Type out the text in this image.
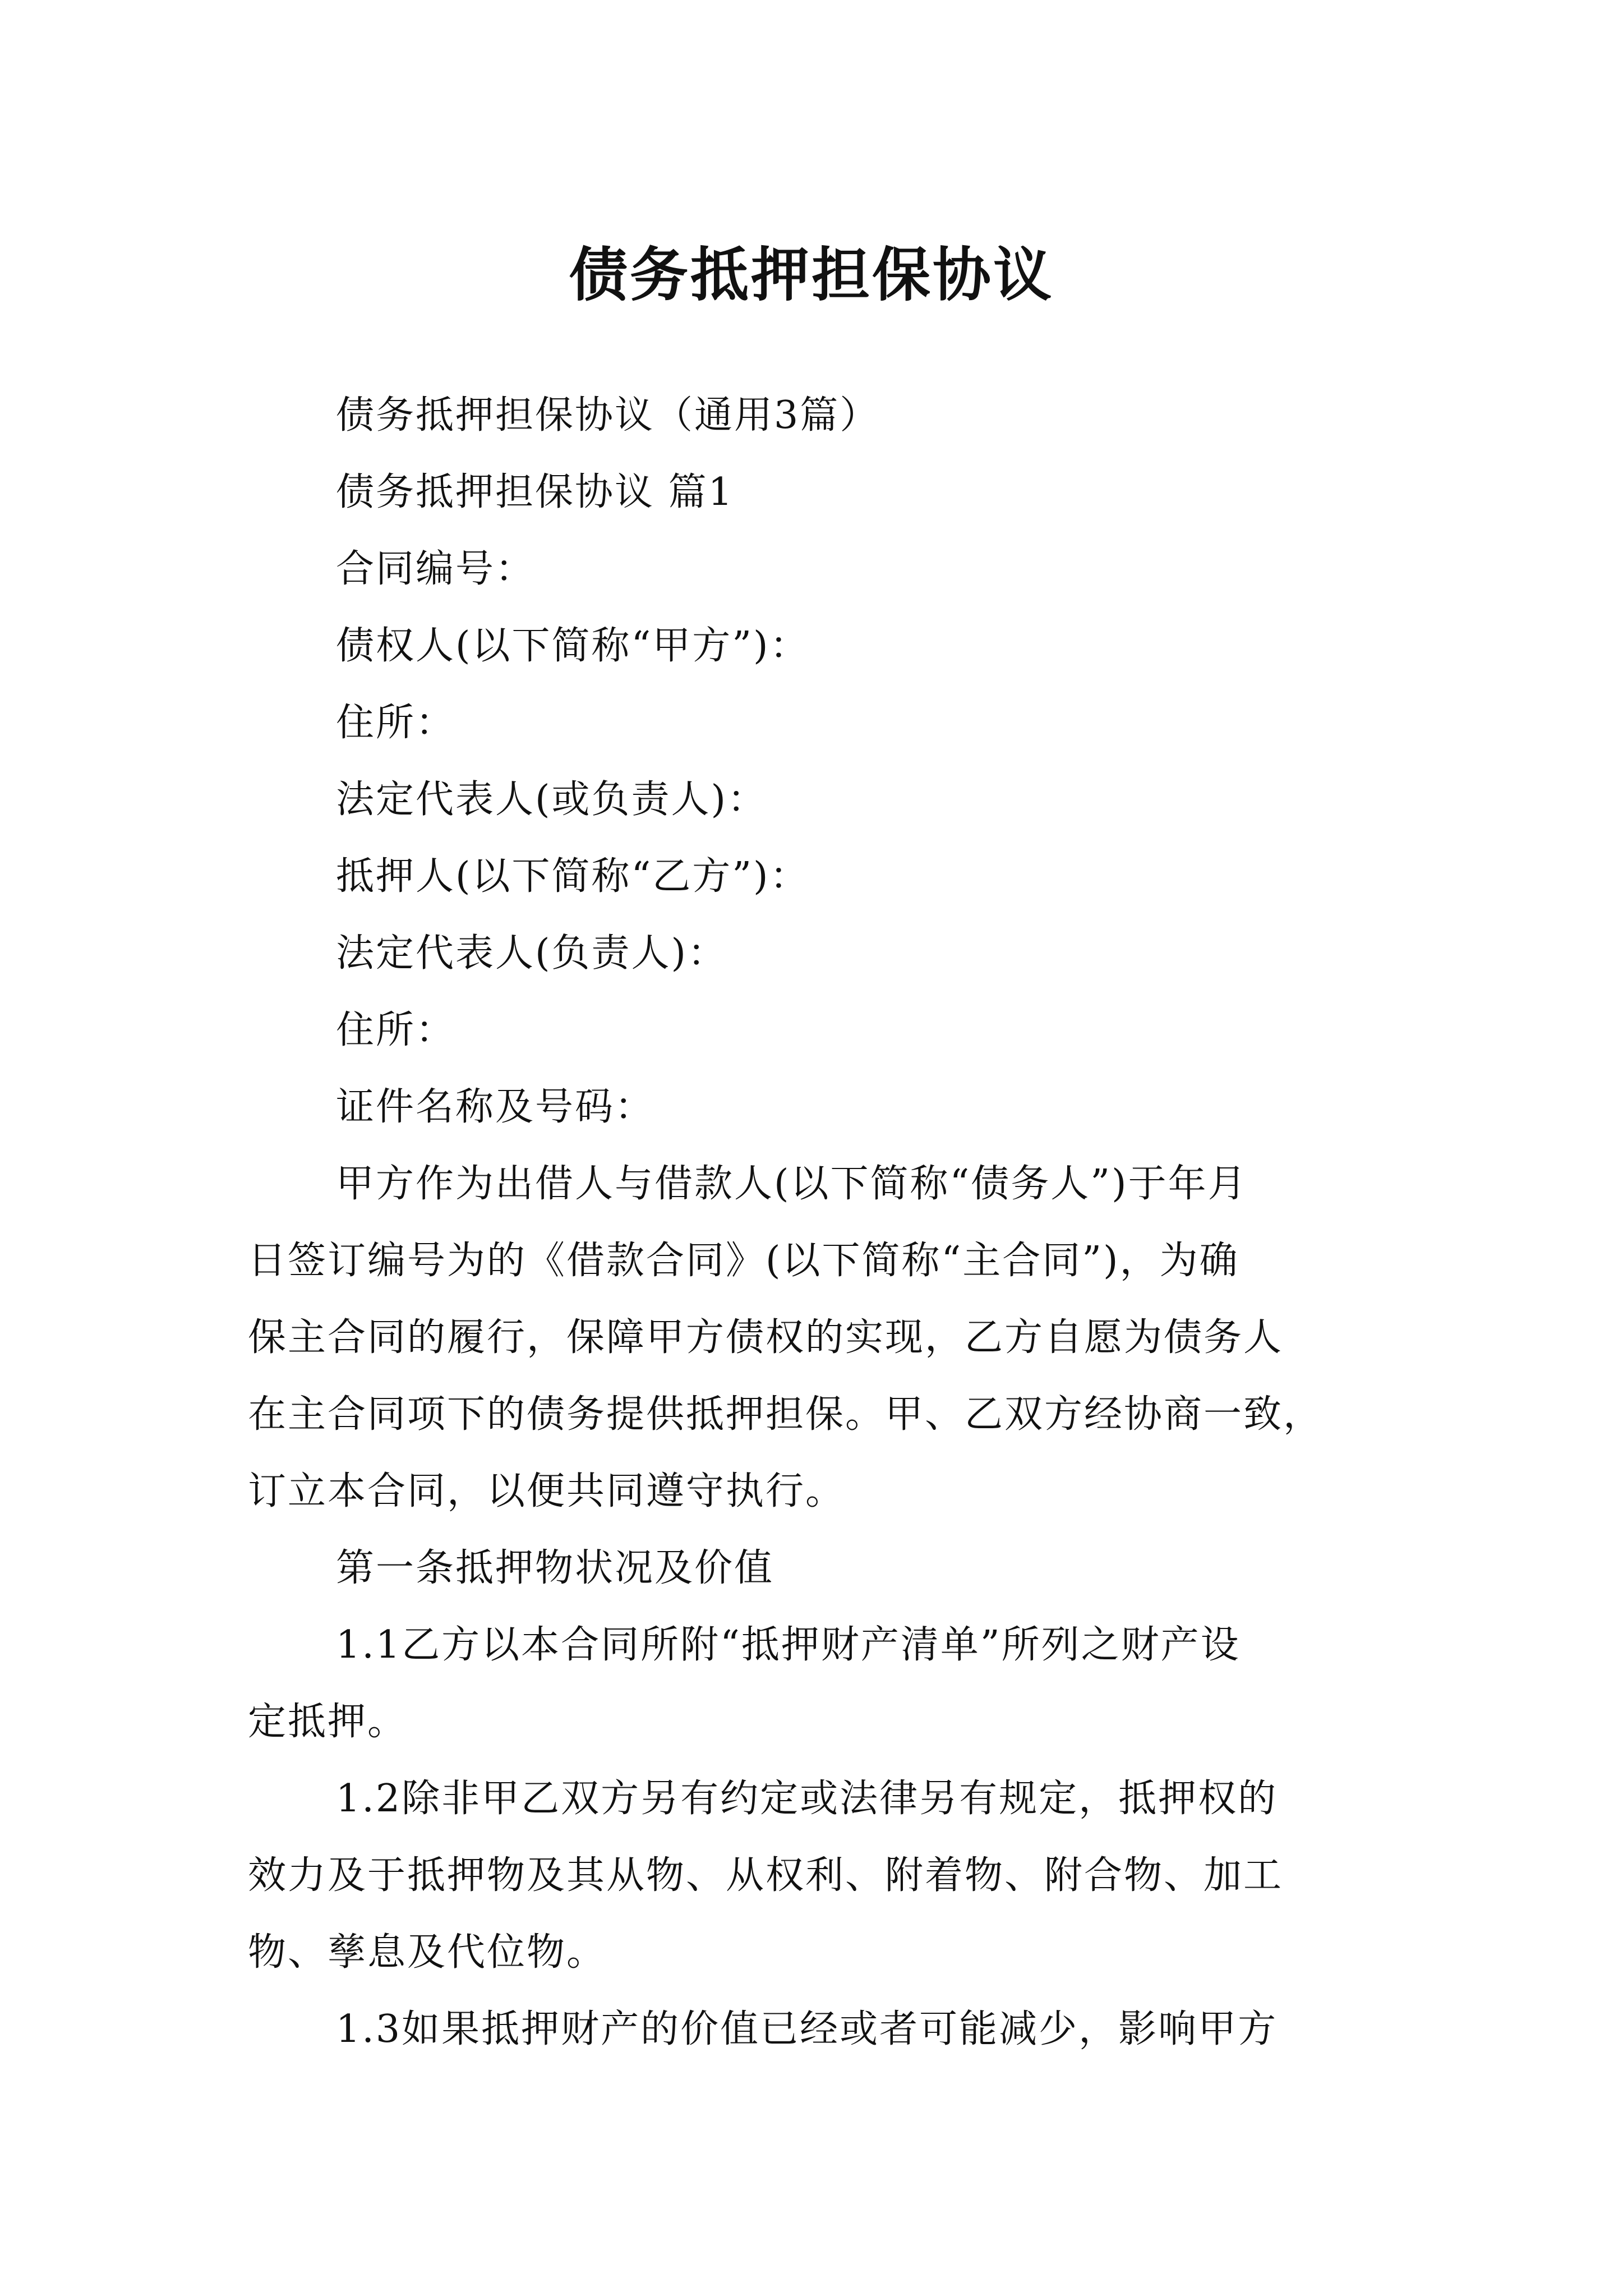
债务抵押担保协议

债务抵押担保协议（通用3篇）

债务抵押担保协议 篇1

合同编号：

债权人(以下简称“甲方”)：

住所：

法定代表人(或负责人)：

抵押人(以下简称“乙方”)：

法定代表人(负责人)：

住所：

证件名称及号码：

甲方作为出借人与借款人(以下简称“债务人”)于年月

日签订编号为的《借款合同》(以下简称“主合同”)，为确

保主合同的履行，保障甲方债权的实现，乙方自愿为债务人

在主合同项下的债务提供抵押担保。甲、乙双方经协商一致，

订立本合同，以便共同遵守执行。

第一条抵押物状况及价值

1.1乙方以本合同所附“抵押财产清单”所列之财产设

定抵押。

1.2除非甲乙双方另有约定或法律另有规定，抵押权的

效力及于抵押物及其从物、从权利、附着物、附合物、加工

物、孳息及代位物。

1.3如果抵押财产的价值已经或者可能减少，影响甲方
